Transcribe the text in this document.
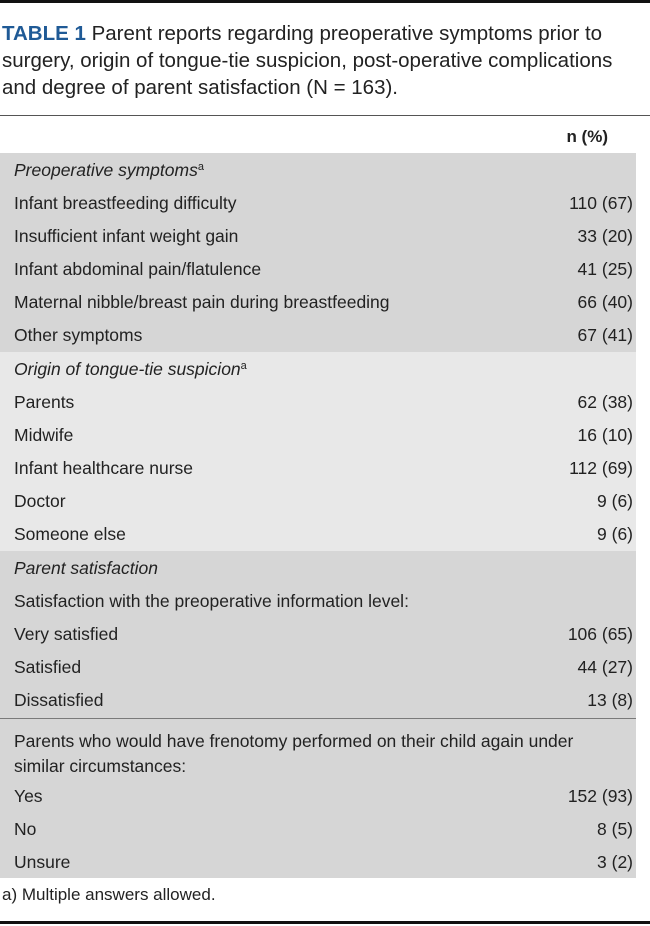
TABLE 1 Parent reports regarding preoperative symptoms prior to surgery, origin of tongue-tie suspicion, post-operative complications and degree of parent satisfaction (N = 163).
n (%)
Preoperative symptoms$^a$
Infant breastfeeding difficulty	110 (67)
Insufficient infant weight gain	33 (20)
Infant abdominal pain/flatulence	41 (25)
Maternal nibble/breast pain during breastfeeding	66 (40)
Other symptoms	67 (41)
Origin of tongue-tie suspicion$^a$
Parents	62 (38)
Midwife	16 (10)
Infant healthcare nurse	112 (69)
Doctor	9 (6)
Someone else	9 (6)
Parent satisfaction
Satisfaction with the preoperative information level:
Very satisfied	106 (65)
Satisfied	44 (27)
Dissatisfied	13 (8)
Parents who would have frenotomy performed on their child again under similar circumstances:
Yes	152 (93)
No	8 (5)
Unsure	3 (2)
a) Multiple answers allowed.
